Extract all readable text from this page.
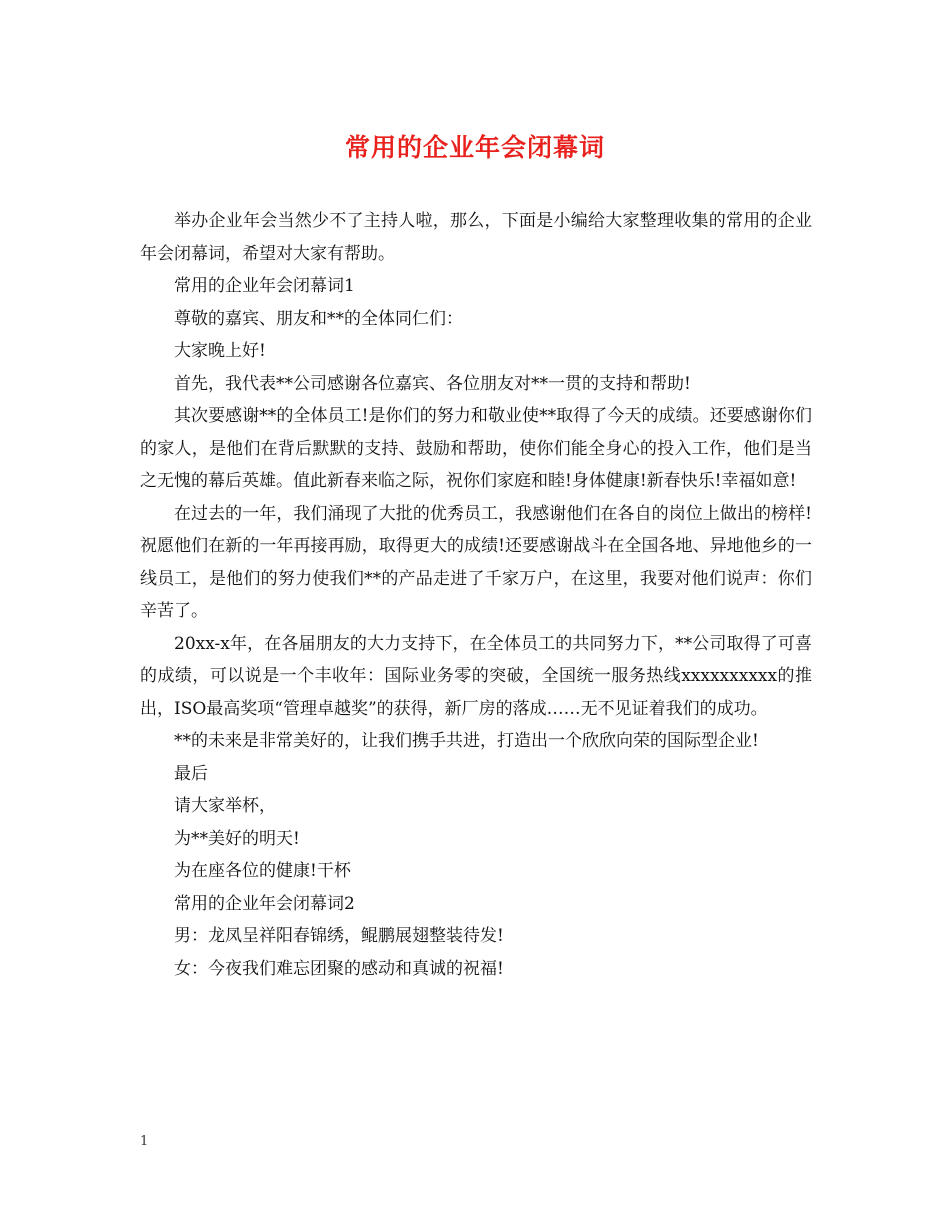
常用的企业年会闭幕词

举办企业年会当然少不了主持人啦，那么，下面是小编给大家整理收集的常用的企业年会闭幕词，希望对大家有帮助。

常用的企业年会闭幕词1

尊敬的嘉宾、朋友和**的全体同仁们：

大家晚上好!

首先，我代表**公司感谢各位嘉宾、各位朋友对**一贯的支持和帮助!

其次要感谢**的全体员工!是你们的努力和敬业使**取得了今天的成绩。还要感谢你们的家人，是他们在背后默默的支持、鼓励和帮助，使你们能全身心的投入工作，他们是当之无愧的幕后英雄。值此新春来临之际，祝你们家庭和睦!身体健康!新春快乐!幸福如意!

在过去的一年，我们涌现了大批的优秀员工，我感谢他们在各自的岗位上做出的榜样!祝愿他们在新的一年再接再励，取得更大的成绩!还要感谢战斗在全国各地、异地他乡的一线员工，是他们的努力使我们**的产品走进了千家万户，在这里，我要对他们说声：你们辛苦了。

20xx-x年，在各届朋友的大力支持下，在全体员工的共同努力下，**公司取得了可喜的成绩，可以说是一个丰收年：国际业务零的突破，全国统一服务热线xxxxxxxxxx的推出，ISO最高奖项“管理卓越奖”的获得，新厂房的落成……无不见证着我们的成功。

**的未来是非常美好的，让我们携手共进，打造出一个欣欣向荣的国际型企业!

最后

请大家举杯，

为**美好的明天!

为在座各位的健康!干杯

常用的企业年会闭幕词2

男：龙凤呈祥阳春锦绣，鲲鹏展翅整装待发!

女：今夜我们难忘团聚的感动和真诚的祝福!

1
